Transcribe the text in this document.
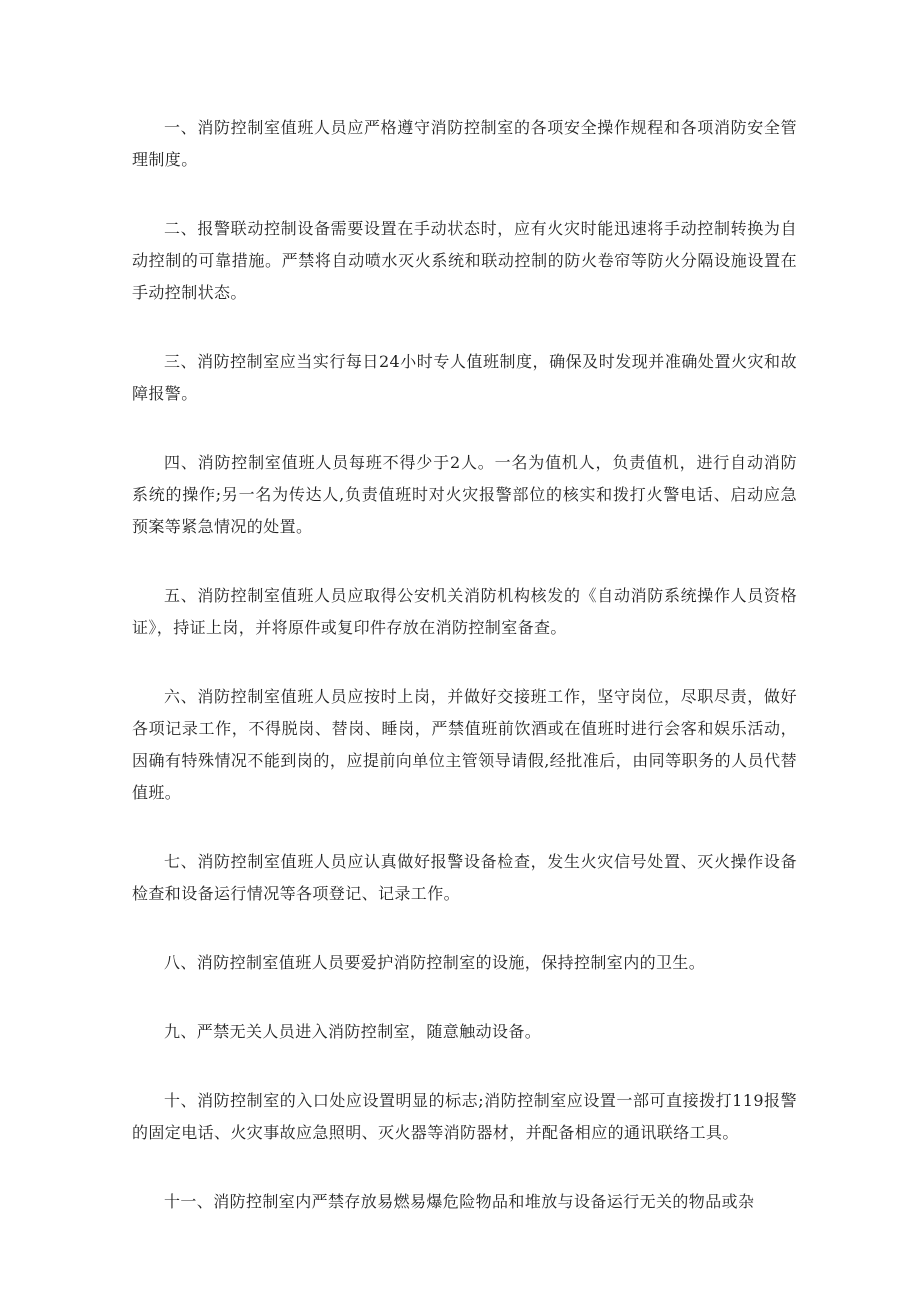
一、消防控制室值班人员应严格遵守消防控制室的各项安全操作规程和各项消防安全管理制度。

二、报警联动控制设备需要设置在手动状态时，应有火灾时能迅速将手动控制转换为自动控制的可靠措施。严禁将自动喷水灭火系统和联动控制的防火卷帘等防火分隔设施设置在手动控制状态。

三、消防控制室应当实行每日24小时专人值班制度，确保及时发现并准确处置火灾和故障报警。

四、消防控制室值班人员每班不得少于2人。一名为值机人，负责值机，进行自动消防系统的操作;另一名为传达人,负责值班时对火灾报警部位的核实和拨打火警电话、启动应急预案等紧急情况的处置。

五、消防控制室值班人员应取得公安机关消防机构核发的《自动消防系统操作人员资格证》，持证上岗，并将原件或复印件存放在消防控制室备查。

六、消防控制室值班人员应按时上岗，并做好交接班工作，坚守岗位，尽职尽责，做好各项记录工作，不得脱岗、替岗、睡岗，严禁值班前饮酒或在值班时进行会客和娱乐活动，因确有特殊情况不能到岗的，应提前向单位主管领导请假,经批准后，由同等职务的人员代替值班。

七、消防控制室值班人员应认真做好报警设备检查，发生火灾信号处置、灭火操作设备检查和设备运行情况等各项登记、记录工作。

八、消防控制室值班人员要爱护消防控制室的设施，保持控制室内的卫生。

九、严禁无关人员进入消防控制室，随意触动设备。

十、消防控制室的入口处应设置明显的标志;消防控制室应设置一部可直接拨打119报警的固定电话、火灾事故应急照明、灭火器等消防器材，并配备相应的通讯联络工具。

十一、消防控制室内严禁存放易燃易爆危险物品和堆放与设备运行无关的物品或杂
